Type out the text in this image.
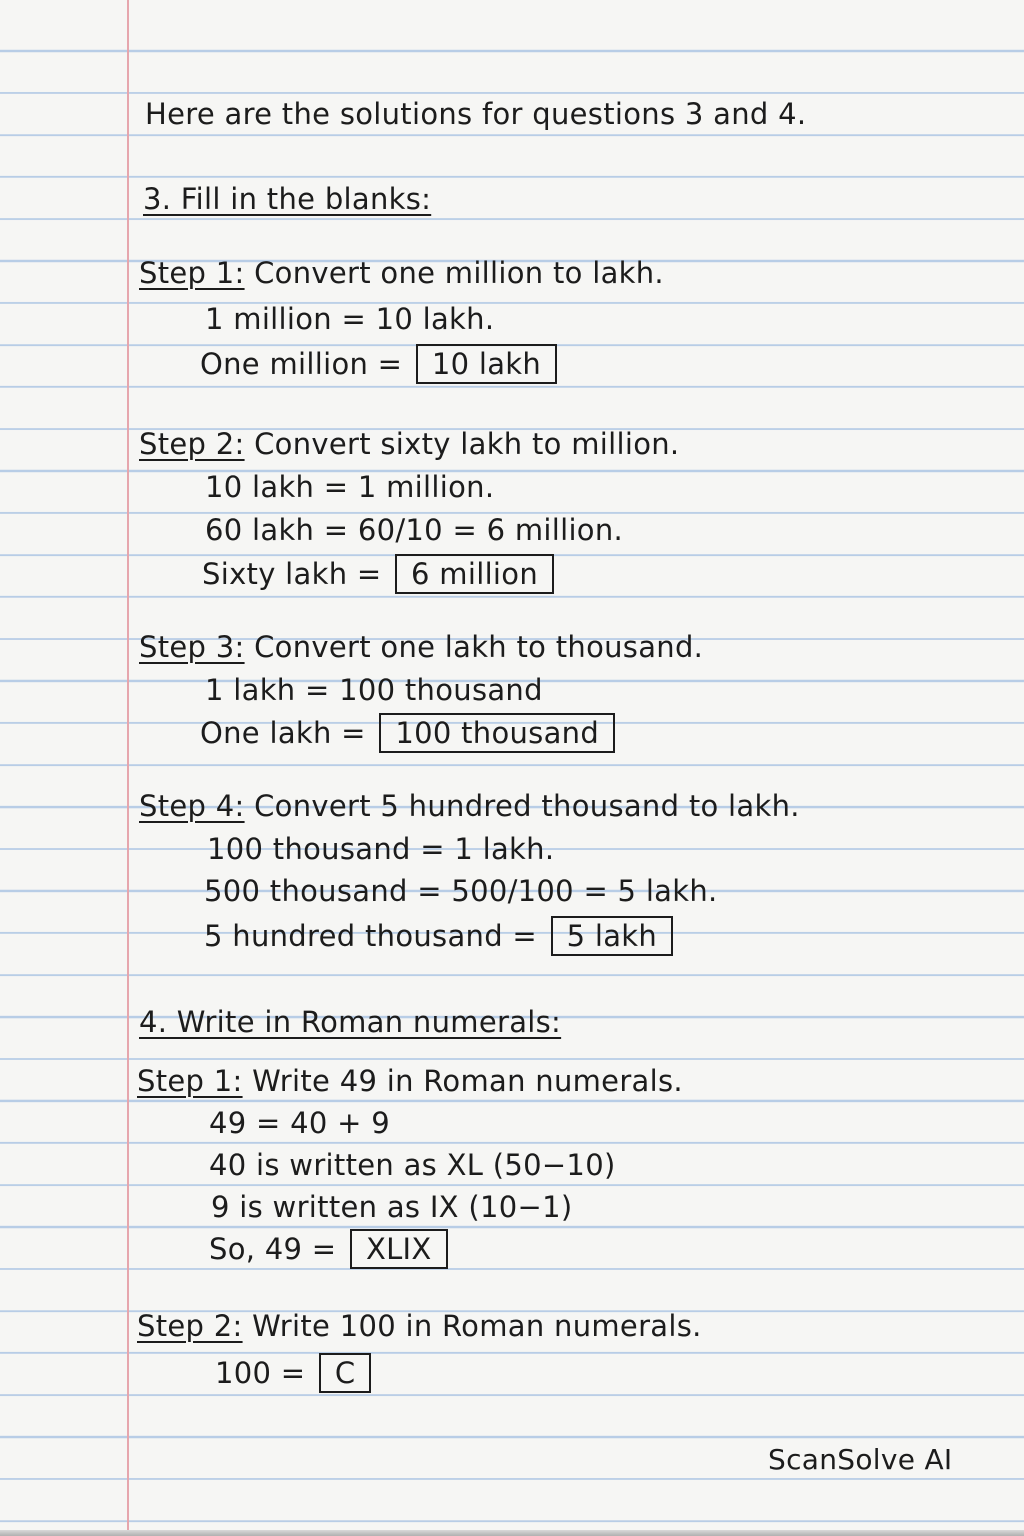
Here are the solutions for questions 3 and 4.
3. Fill in the blanks:
Step 1: Convert one million to lakh.
1 million = 10 lakh.
One million = 10 lakh
Step 2: Convert sixty lakh to million.
10 lakh = 1 million.
60 lakh = 60/10 = 6 million.
Sixty lakh = 6 million
Step 3: Convert one lakh to thousand.
1 lakh = 100 thousand
One lakh = 100 thousand
Step 4: Convert 5 hundred thousand to lakh.
100 thousand = 1 lakh.
500 thousand = 500/100 = 5 lakh.
5 hundred thousand = 5 lakh
4. Write in Roman numerals:
Step 1: Write 49 in Roman numerals.
49 = 40 + 9
40 is written as XL (50−10)
9 is written as IX (10−1)
So, 49 = XLIX
Step 2: Write 100 in Roman numerals.
100 = C
ScanSolve AI
